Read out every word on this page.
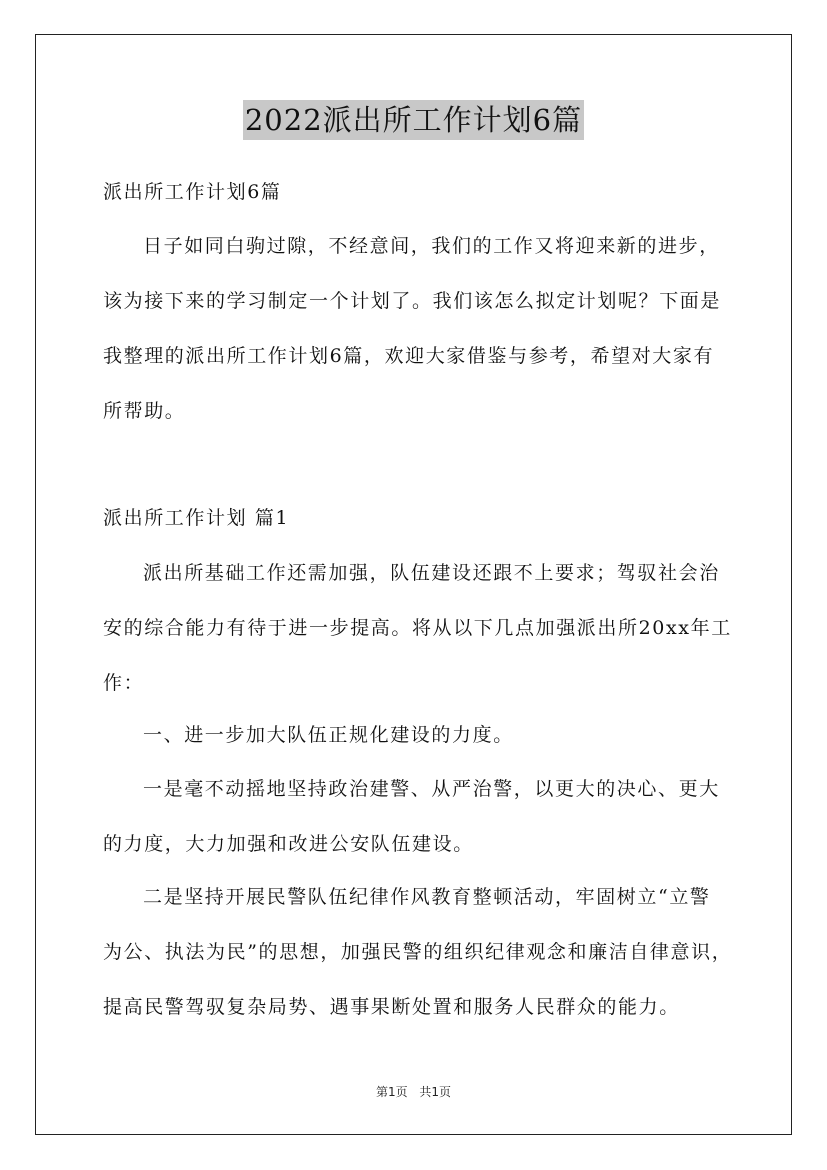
2022派出所工作计划6篇
派出所工作计划6篇
日子如同白驹过隙，不经意间，我们的工作又将迎来新的进步，
该为接下来的学习制定一个计划了。我们该怎么拟定计划呢？下面是
我整理的派出所工作计划6篇，欢迎大家借鉴与参考，希望对大家有
所帮助。
派出所工作计划 篇1
派出所基础工作还需加强，队伍建设还跟不上要求；驾驭社会治
安的综合能力有待于进一步提高。将从以下几点加强派出所20xx年工
作：
一、进一步加大队伍正规化建设的力度。
一是毫不动摇地坚持政治建警、从严治警，以更大的决心、更大
的力度，大力加强和改进公安队伍建设。
二是坚持开展民警队伍纪律作风教育整顿活动，牢固树立“立警
为公、执法为民”的思想，加强民警的组织纪律观念和廉洁自律意识，
提高民警驾驭复杂局势、遇事果断处置和服务人民群众的能力。
第1页 共1页
